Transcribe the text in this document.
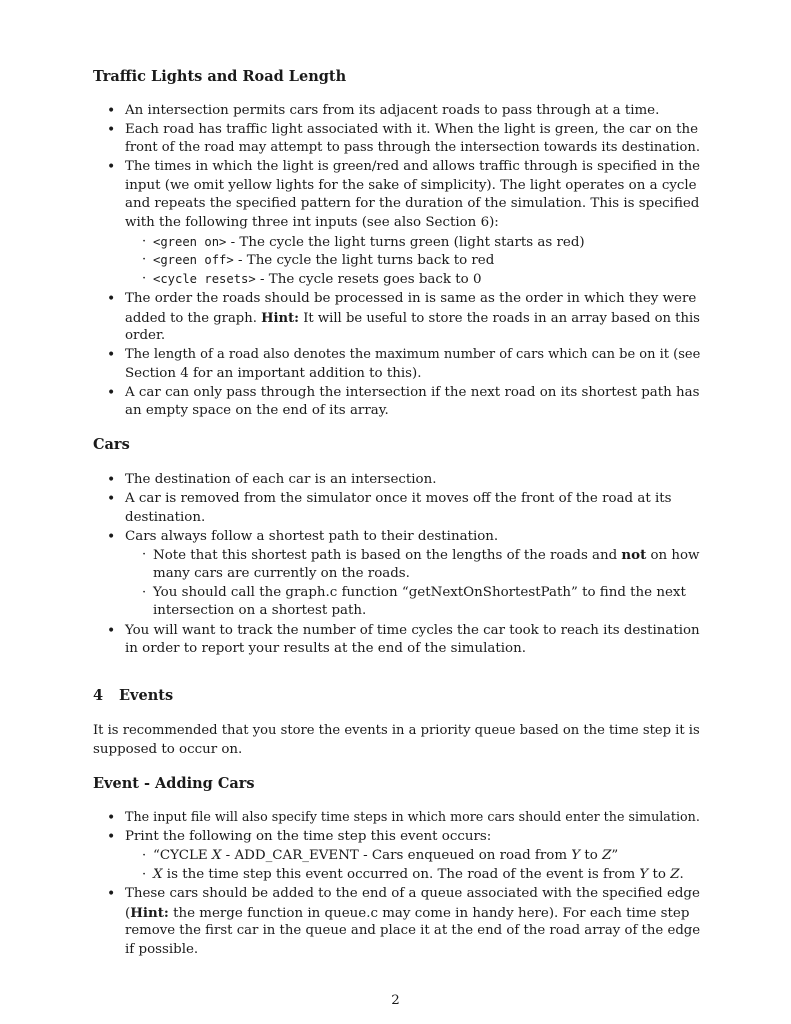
Traffic Lights and Road Length
• An intersection permits cars from its adjacent roads to pass through at a time.
• Each road has traffic light associated with it. When the light is green, the car on the
front of the road may attempt to pass through the intersection towards its destination.
• The times in which the light is green/red and allows traffic through is specified in the
input (we omit yellow lights for the sake of simplicity). The light operates on a cycle
and repeats the specified pattern for the duration of the simulation. This is specified
with the following three int inputs (see also Section 6):
· <green on> - The cycle the light turns green (light starts as red)
· <green off> - The cycle the light turns back to red
· <cycle resets> - The cycle resets goes back to 0
• The order the roads should be processed in is same as the order in which they were
added to the graph. Hint: It will be useful to store the roads in an array based on this
order.
• The length of a road also denotes the maximum number of cars which can be on it (see
Section 4 for an important addition to this).
• A car can only pass through the intersection if the next road on its shortest path has
an empty space on the end of its array.
Cars
• The destination of each car is an intersection.
• A car is removed from the simulator once it moves off the front of the road at its
destination.
• Cars always follow a shortest path to their destination.
· Note that this shortest path is based on the lengths of the roads and not on how
many cars are currently on the roads.
· You should call the graph.c function “getNextOnShortestPath” to find the next
intersection on a shortest path.
• You will want to track the number of time cycles the car took to reach its destination
in order to report your results at the end of the simulation.
4 Events
It is recommended that you store the events in a priority queue based on the time step it is
supposed to occur on.
Event - Adding Cars
• The input file will also specify time steps in which more cars should enter the simulation.
• Print the following on the time step this event occurs:
· “CYCLE X - ADD_CAR_EVENT - Cars enqueued on road from Y to Z”
· X is the time step this event occurred on. The road of the event is from Y to Z.
• These cars should be added to the end of a queue associated with the specified edge
(Hint: the merge function in queue.c may come in handy here). For each time step
remove the first car in the queue and place it at the end of the road array of the edge
if possible.
2
